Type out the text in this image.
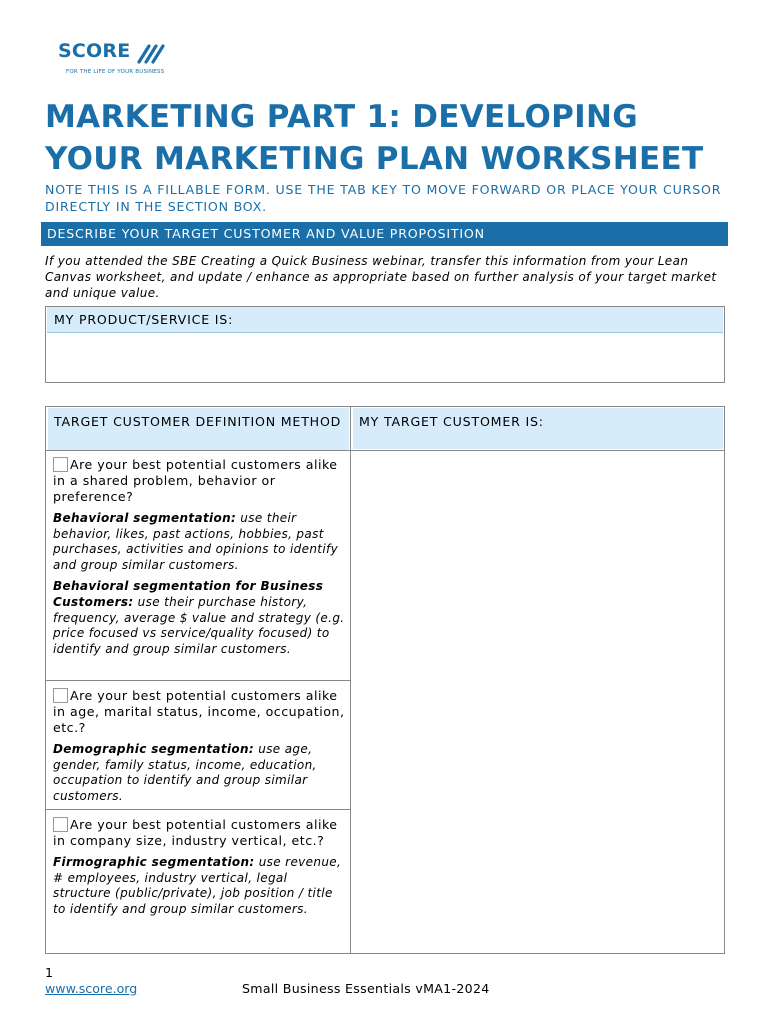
SCORE
FOR THE LIFE OF YOUR BUSINESS
MARKETING PART 1: DEVELOPING YOUR MARKETING PLAN WORKSHEET

NOTE THIS IS A FILLABLE FORM. USE THE TAB KEY TO MOVE FORWARD OR PLACE YOUR CURSOR DIRECTLY IN THE SECTION BOX.

DESCRIBE YOUR TARGET CUSTOMER AND VALUE PROPOSITION

If you attended the SBE Creating a Quick Business webinar, transfer this information from your Lean Canvas worksheet, and update / enhance as appropriate based on further analysis of your target market and unique value.

MY PRODUCT/SERVICE IS:
TARGET CUSTOMER DEFINITION METHOD	MY TARGET CUSTOMER IS:
Are your best potential customers alike in a shared problem, behavior or preference?
Behavioral segmentation: use their behavior, likes, past actions, hobbies, past purchases, activities and opinions to identify and group similar customers.
Behavioral segmentation for Business Customers: use their purchase history, frequency, average $ value and strategy (e.g. price focused vs service/quality focused) to identify and group similar customers.
Are your best potential customers alike in age, marital status, income, occupation, etc.?
Demographic segmentation: use age, gender, family status, income, education, occupation to identify and group similar customers.
Are your best potential customers alike in company size, industry vertical, etc.?
Firmographic segmentation: use revenue, # employees, industry vertical, legal structure (public/private), job position / title to identify and group similar customers.
1
www.score.org	Small Business Essentials vMA1-2024
